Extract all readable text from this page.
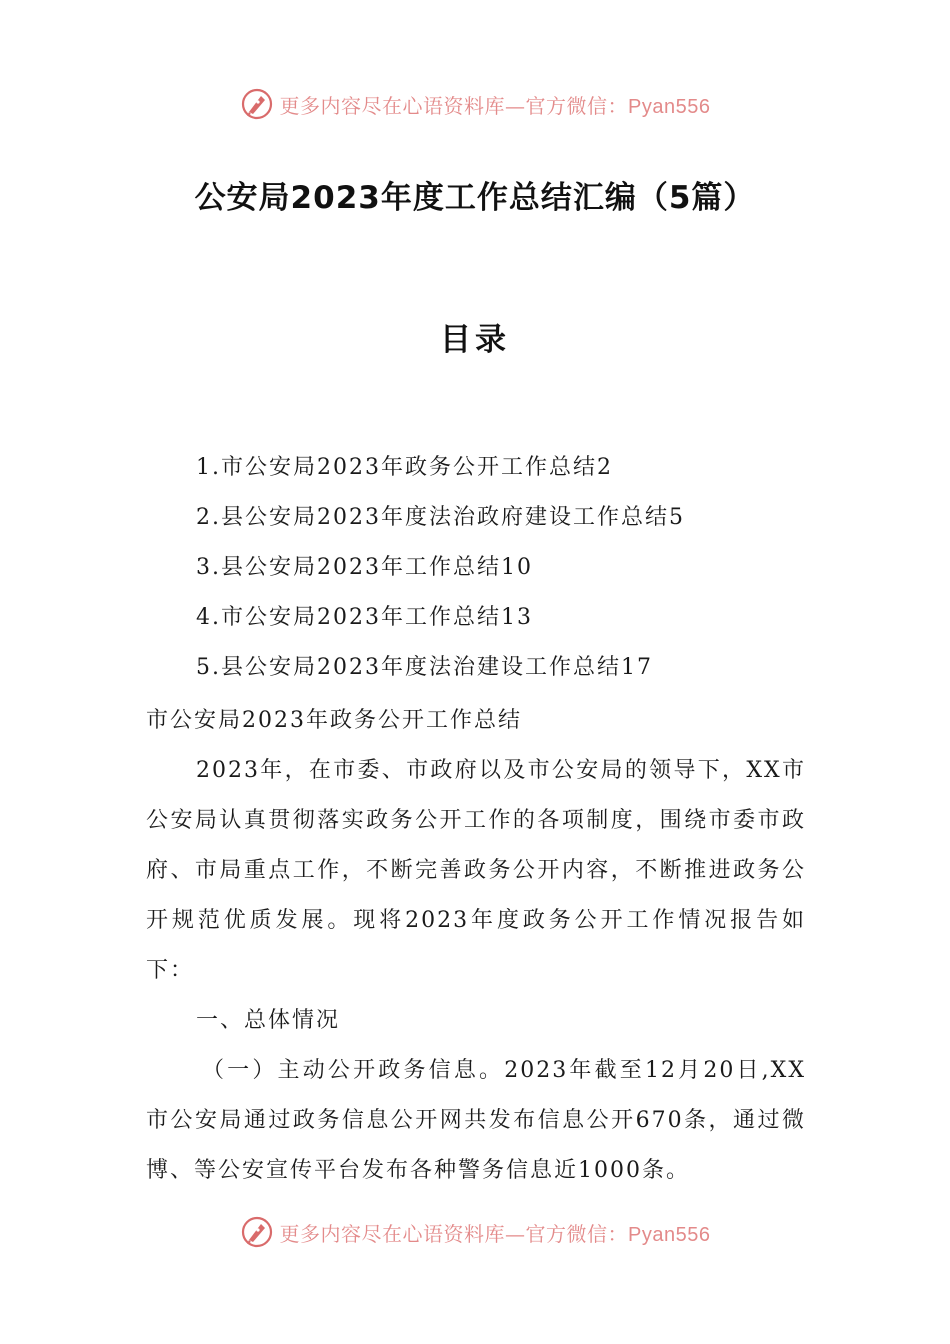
更多内容尽在心语资料库—官方微信：Pyan556
公安局2023年度工作总结汇编（5篇）
目录
1.市公安局2023年政务公开工作总结2
2.县公安局2023年度法治政府建设工作总结5
3.县公安局2023年工作总结10
4.市公安局2023年工作总结13
5.县公安局2023年度法治建设工作总结17

市公安局2023年政务公开工作总结

2023年，在市委、市政府以及市公安局的领导下，XX市公安局认真贯彻落实政务公开工作的各项制度，围绕市委市政府、市局重点工作，不断完善政务公开内容，不断推进政务公开规范优质发展。现将2023年度政务公开工作情况报告如下：

一、总体情况

（一）主动公开政务信息。2023年截至12月20日,XX市公安局通过政务信息公开网共发布信息公开670条，通过微博、等公安宣传平台发布各种警务信息近1000条。

更多内容尽在心语资料库—官方微信：Pyan556
